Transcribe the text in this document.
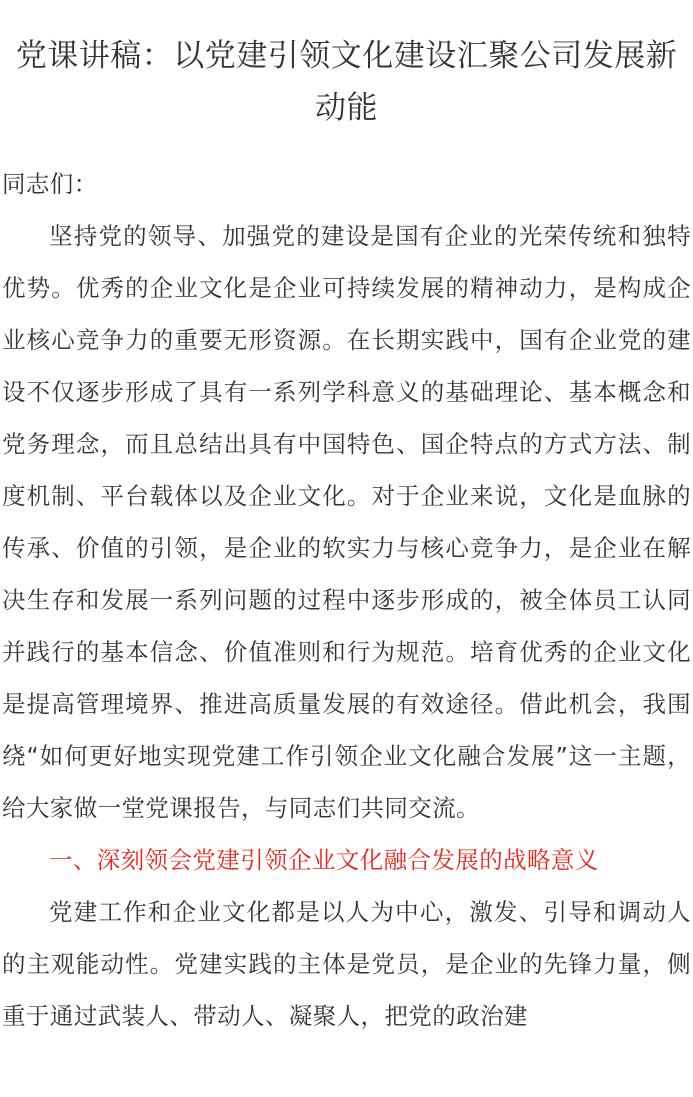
党课讲稿：以党建引领文化建设汇聚公司发展新动能

同志们：

坚持党的领导、加强党的建设是国有企业的光荣传统和独特优势。优秀的企业文化是企业可持续发展的精神动力，是构成企业核心竞争力的重要无形资源。在长期实践中，国有企业党的建设不仅逐步形成了具有一系列学科意义的基础理论、基本概念和党务理念，而且总结出具有中国特色、国企特点的方式方法、制度机制、平台载体以及企业文化。对于企业来说，文化是血脉的传承、价值的引领，是企业的软实力与核心竞争力，是企业在解决生存和发展一系列问题的过程中逐步形成的，被全体员工认同并践行的基本信念、价值准则和行为规范。培育优秀的企业文化是提高管理境界、推进高质量发展的有效途径。借此机会，我围绕“如何更好地实现党建工作引领企业文化融合发展”这一主题，给大家做一堂党课报告，与同志们共同交流。

一、深刻领会党建引领企业文化融合发展的战略意义

党建工作和企业文化都是以人为中心，激发、引导和调动人的主观能动性。党建实践的主体是党员，是企业的先锋力量，侧重于通过武装人、带动人、凝聚人，把党的政治建
